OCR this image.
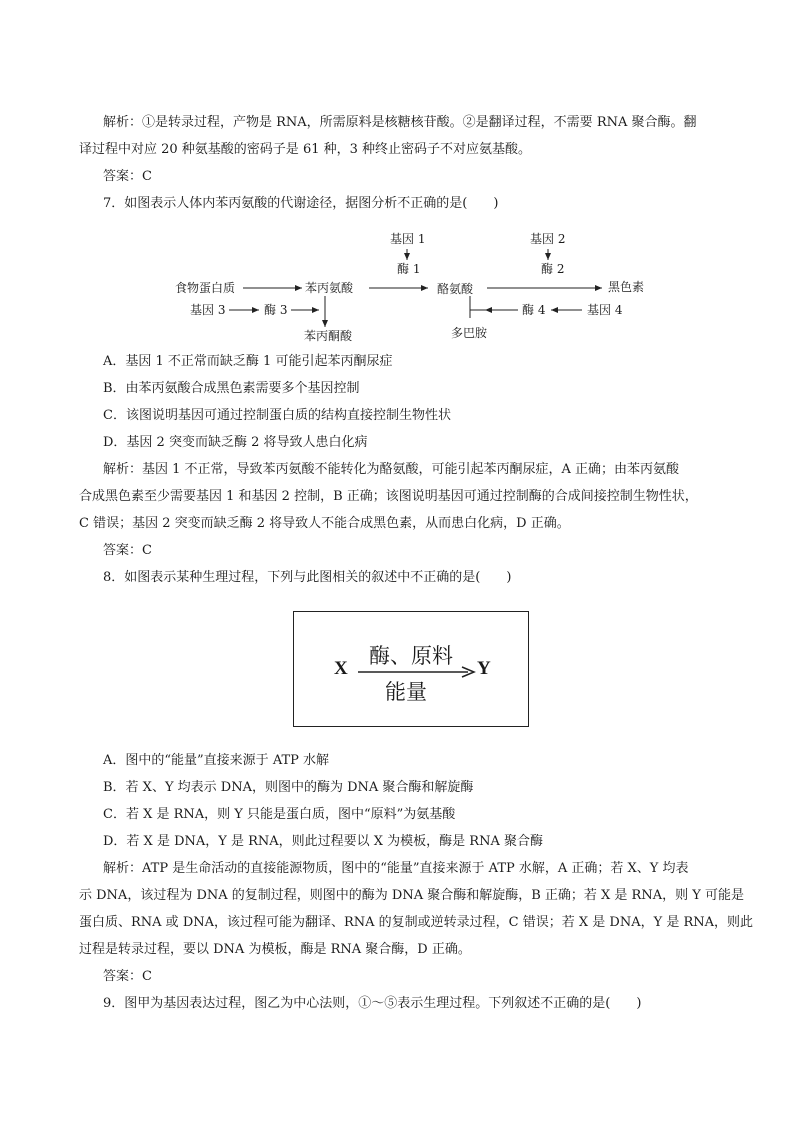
解析：①是转录过程，产物是 RNA，所需原料是核糖核苷酸。②是翻译过程，不需要 RNA 聚合酶。翻
译过程中对应 20 种氨基酸的密码子是 61 种，3 种终止密码子不对应氨基酸。
答案：C
7．如图表示人体内苯丙氨酸的代谢途径，据图分析不正确的是(　　)
基因 1
酶 1
基因 2
酶 2
食物蛋白质	苯丙氨酸	酪氨酸	黑色素
基因 3	酶 3
苯丙酮酸
酶 4	基因 4
多巴胺
A．基因 1 不正常而缺乏酶 1 可能引起苯丙酮尿症
B．由苯丙氨酸合成黑色素需要多个基因控制
C．该图说明基因可通过控制蛋白质的结构直接控制生物性状
D．基因 2 突变而缺乏酶 2 将导致人患白化病
解析：基因 1 不正常，导致苯丙氨酸不能转化为酪氨酸，可能引起苯丙酮尿症，A 正确；由苯丙氨酸
合成黑色素至少需要基因 1 和基因 2 控制，B 正确；该图说明基因可通过控制酶的合成间接控制生物性状，
C 错误；基因 2 突变而缺乏酶 2 将导致人不能合成黑色素，从而患白化病，D 正确。
答案：C
8．如图表示某种生理过程，下列与此图相关的叙述中不正确的是(　　)
X
酶、原料
能量
Y
A．图中的“能量”直接来源于 ATP 水解
B．若 X、Y 均表示 DNA，则图中的酶为 DNA 聚合酶和解旋酶
C．若 X 是 RNA，则 Y 只能是蛋白质，图中“原料”为氨基酸
D．若 X 是 DNA，Y 是 RNA，则此过程要以 X 为模板，酶是 RNA 聚合酶
解析：ATP 是生命活动的直接能源物质，图中的“能量”直接来源于 ATP 水解，A 正确；若 X、Y 均表
示 DNA，该过程为 DNA 的复制过程，则图中的酶为 DNA 聚合酶和解旋酶，B 正确；若 X 是 RNA，则 Y 可能是
蛋白质、RNA 或 DNA，该过程可能为翻译、RNA 的复制或逆转录过程，C 错误；若 X 是 DNA，Y 是 RNA，则此
过程是转录过程，要以 DNA 为模板，酶是 RNA 聚合酶，D 正确。
答案：C
9．图甲为基因表达过程，图乙为中心法则，①～⑤表示生理过程。下列叙述不正确的是(　　)
